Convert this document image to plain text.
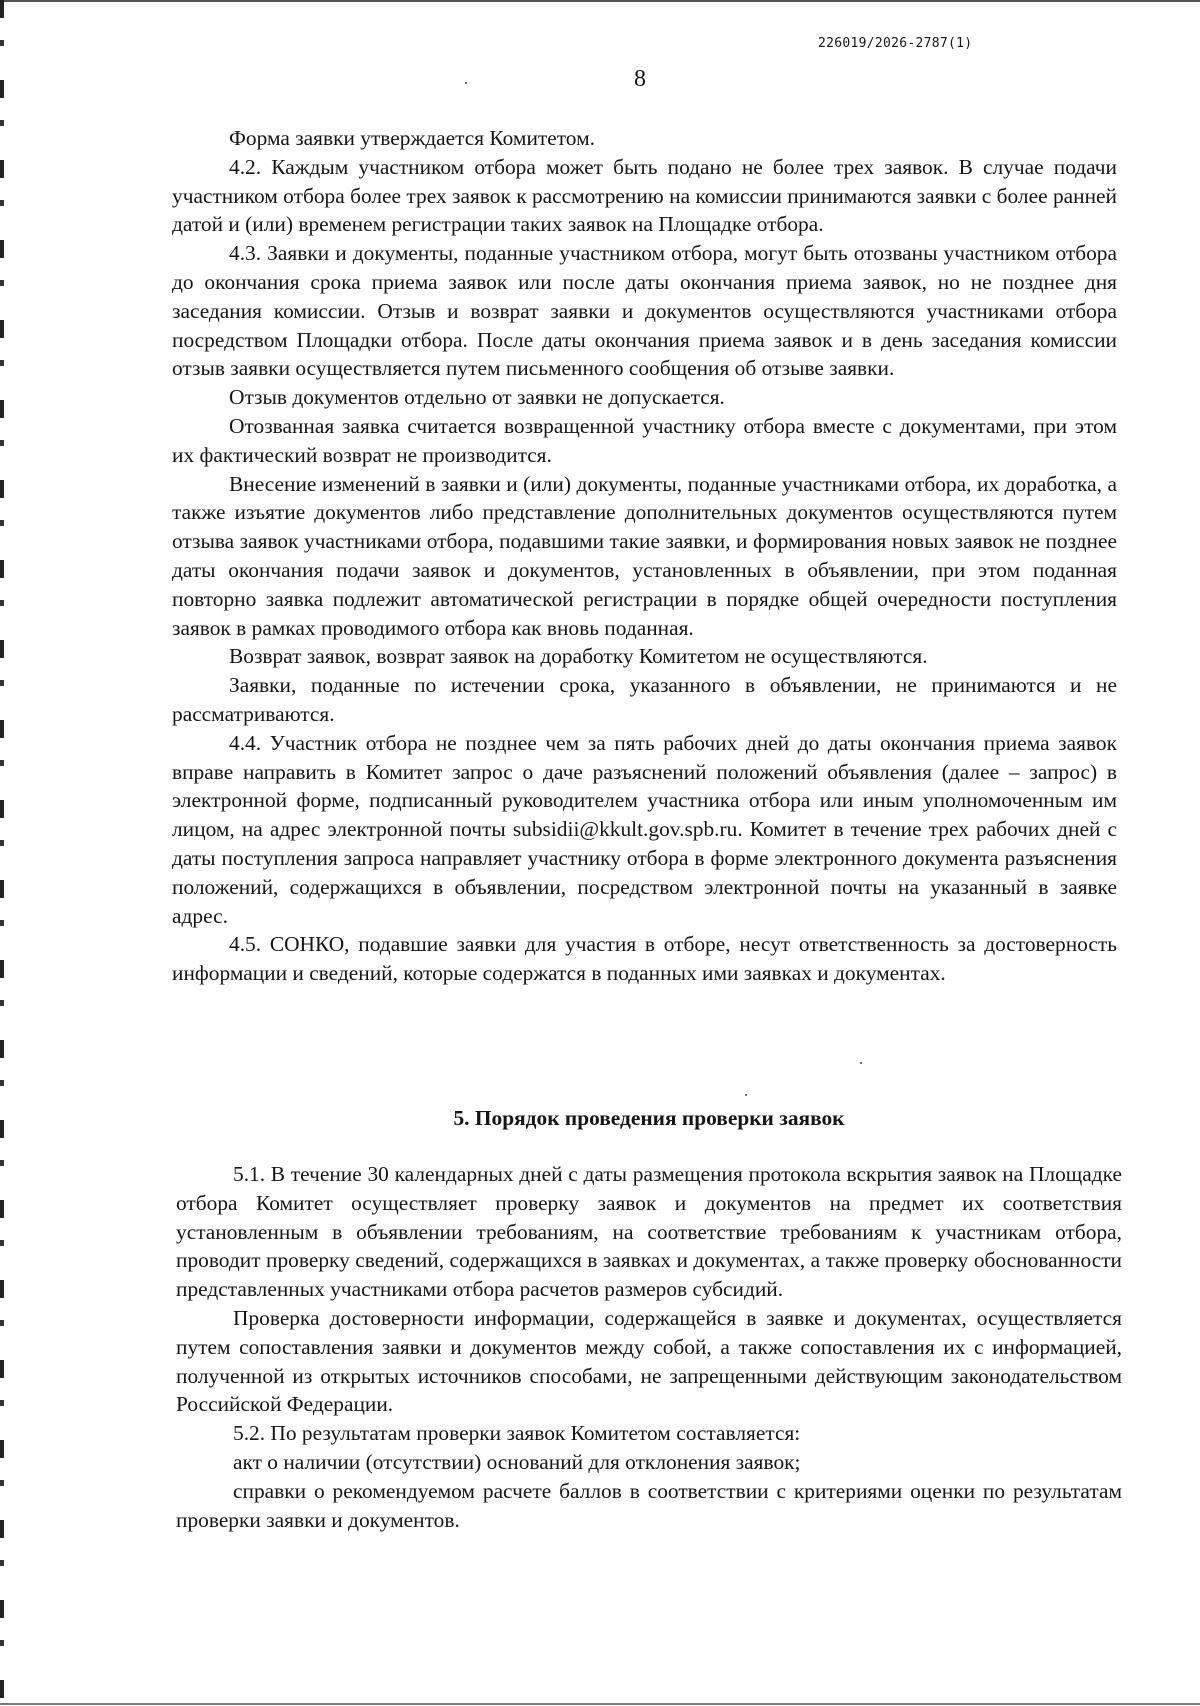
226019/2026-2787(1)
8

Форма заявки утверждается Комитетом.

4.2. Каждым участником отбора может быть подано не более трех заявок. В случае подачи участником отбора более трех заявок к рассмотрению на комиссии принимаются заявки с более ранней датой и (или) временем регистрации таких заявок на Площадке отбора.

4.3. Заявки и документы, поданные участником отбора, могут быть отозваны участником отбора до окончания срока приема заявок или после даты окончания приема заявок, но не позднее дня заседания комиссии. Отзыв и возврат заявки и документов осуществляются участниками отбора посредством Площадки отбора. После даты окончания приема заявок и в день заседания комиссии отзыв заявки осуществляется путем письменного сообщения об отзыве заявки.

Отзыв документов отдельно от заявки не допускается.

Отозванная заявка считается возвращенной участнику отбора вместе с документами, при этом их фактический возврат не производится.

Внесение изменений в заявки и (или) документы, поданные участниками отбора, их доработка, а также изъятие документов либо представление дополнительных документов осуществляются путем отзыва заявок участниками отбора, подавшими такие заявки, и формирования новых заявок не позднее даты окончания подачи заявок и документов, установленных в объявлении, при этом поданная повторно заявка подлежит автоматической регистрации в порядке общей очередности поступления заявок в рамках проводимого отбора как вновь поданная.

Возврат заявок, возврат заявок на доработку Комитетом не осуществляются.

Заявки, поданные по истечении срока, указанного в объявлении, не принимаются и не рассматриваются.

4.4. Участник отбора не позднее чем за пять рабочих дней до даты окончания приема заявок вправе направить в Комитет запрос о даче разъяснений положений объявления (далее – запрос) в электронной форме, подписанный руководителем участника отбора или иным уполномоченным им лицом, на адрес электронной почты subsidii@kkult.gov.spb.ru. Комитет в течение трех рабочих дней с даты поступления запроса направляет участнику отбора в форме электронного документа разъяснения положений, содержащихся в объявлении, посредством электронной почты на указанный в заявке адрес.

4.5. СОНКО, подавшие заявки для участия в отборе, несут ответственность за достоверность информации и сведений, которые содержатся в поданных ими заявках и документах.

5. Порядок проведения проверки заявок

5.1. В течение 30 календарных дней с даты размещения протокола вскрытия заявок на Площадке отбора Комитет осуществляет проверку заявок и документов на предмет их соответствия установленным в объявлении требованиям, на соответствие требованиям к участникам отбора, проводит проверку сведений, содержащихся в заявках и документах, а также проверку обоснованности представленных участниками отбора расчетов размеров субсидий.

Проверка достоверности информации, содержащейся в заявке и документах, осуществляется путем сопоставления заявки и документов между собой, а также сопоставления их с информацией, полученной из открытых источников способами, не запрещенными действующим законодательством Российской Федерации.

5.2. По результатам проверки заявок Комитетом составляется:

акт о наличии (отсутствии) оснований для отклонения заявок;

справки о рекомендуемом расчете баллов в соответствии с критериями оценки по результатам проверки заявки и документов.
